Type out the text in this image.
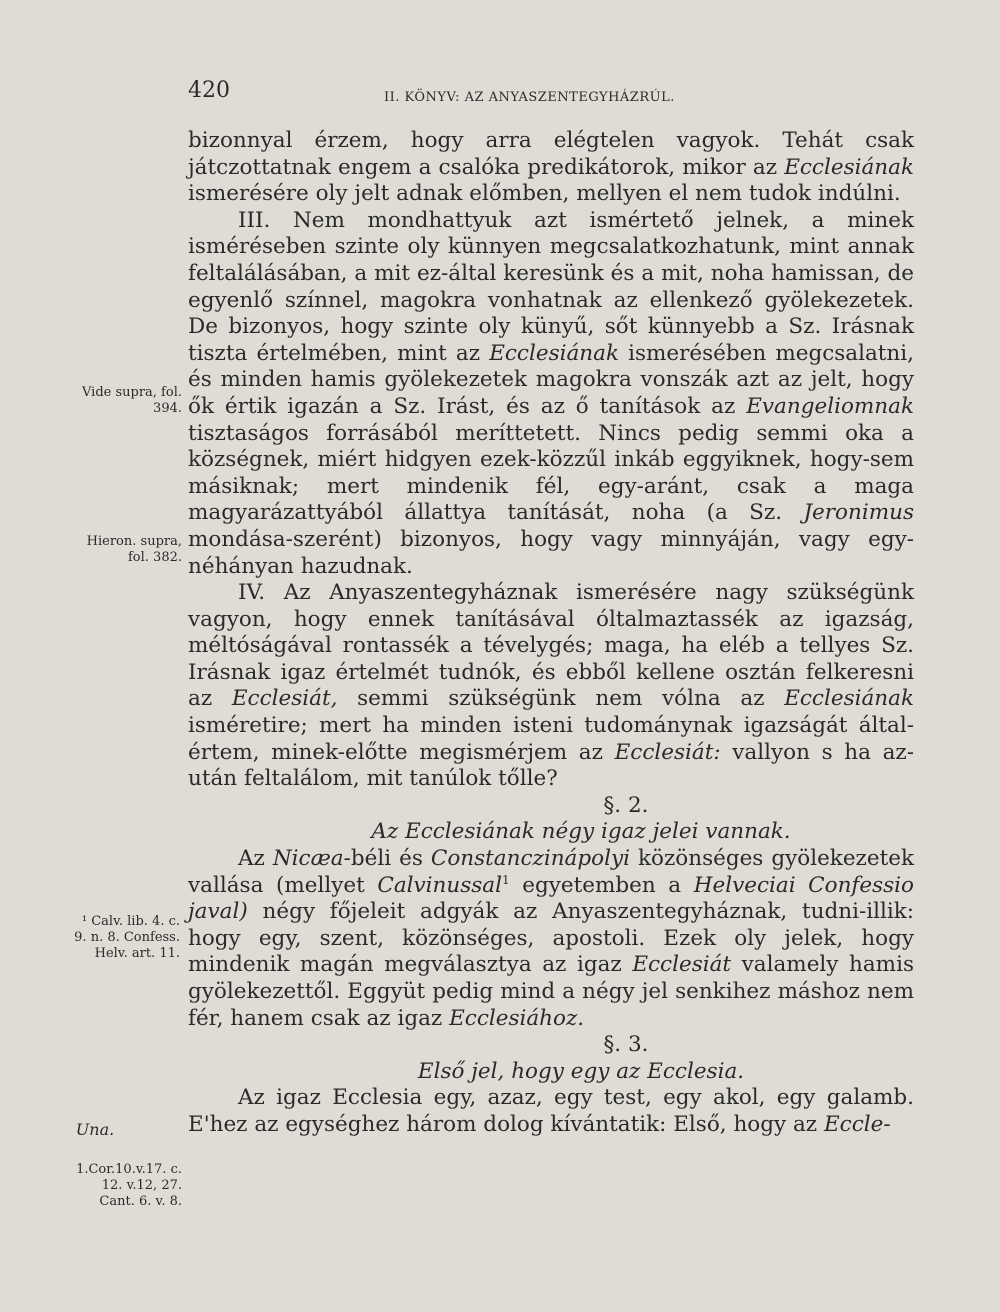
420	II. KÖNYV: AZ ANYASZENTEGYHÁZRÚL.
Vide supra, fol. 394.
Hieron. supra, fol. 382.
¹ Calv. lib. 4. c. 9. n. 8. Confess. Helv. art. 11.
Una.
1.Cor.10.v.17. c. 12. v.12, 27. Cant. 6. v. 8.

bizonnyal érzem, hogy arra elégtelen vagyok. Tehát csak játczottatnak engem a csalóka predikátorok, mikor az Ecclesiának ismerésére oly jelt adnak előmben, mellyen el nem tudok indúlni.

III. Nem mondhattyuk azt ismértető jelnek, a minek isméréseben szinte oly künnyen megcsalatkozhatunk, mint annak feltalálásában, a mit ez-által keresünk és a mit, noha hamissan, de egyenlő színnel, magokra vonhatnak az ellenkező gyölekezetek. De bizonyos, hogy szinte oly künyű, sőt künnyebb a Sz. Irásnak tiszta értelmében, mint az Ecclesiának ismerésében megcsalatni, és minden hamis gyölekezetek magokra vonszák azt az jelt, hogy ők értik igazán a Sz. Irást, és az ő tanítások az Evangeliomnak tisztaságos forrásából meríttetett. Nincs pedig semmi oka a községnek, miért hidgyen ezek-közzűl inkáb eggyiknek, hogy-sem másiknak; mert mindenik fél, egy-aránt, csak a maga magyarázattyából állattya tanítását, noha (a Sz. Jeronimus mondása-szerént) bizonyos, hogy vagy minnyáján, vagy egy-néhányan hazudnak.

IV. Az Anyaszentegyháznak ismerésére nagy szükségünk vagyon, hogy ennek tanításával óltalmaztassék az igazság, méltóságával rontassék a tévelygés; maga, ha eléb a tellyes Sz. Irásnak igaz értelmét tudnók, és ebből kellene osztán felkeresni az Ecclesiát, semmi szükségünk nem vólna az Ecclesiának isméretire; mert ha minden isteni tudománynak igazságát által-értem, minek-előtte megismérjem az Ecclesiát: vallyon s ha az-után feltalálom, mit tanúlok tőlle?

§. 2.

Az Ecclesiának négy igaz jelei vannak.

Az Nicæa-béli és Constanczinápolyi közönséges gyölekezetek vallása (mellyet Calvinussal$^1$ egyetemben a Helveciai Confessio javal) négy főjeleit adgyák az Anyaszentegyháznak, tudni-illik: hogy egy, szent, közönséges, apostoli. Ezek oly jelek, hogy mindenik magán megválasztya az igaz Ecclesiát valamely hamis gyölekezettől. Eggyüt pedig mind a négy jel senkihez máshoz nem fér, hanem csak az igaz Ecclesiához.

§. 3.

Első jel, hogy egy az Ecclesia.

Az igaz Ecclesia egy, azaz, egy test, egy akol, egy galamb. E'hez az egységhez három dolog kívántatik: Első, hogy az Eccle-
